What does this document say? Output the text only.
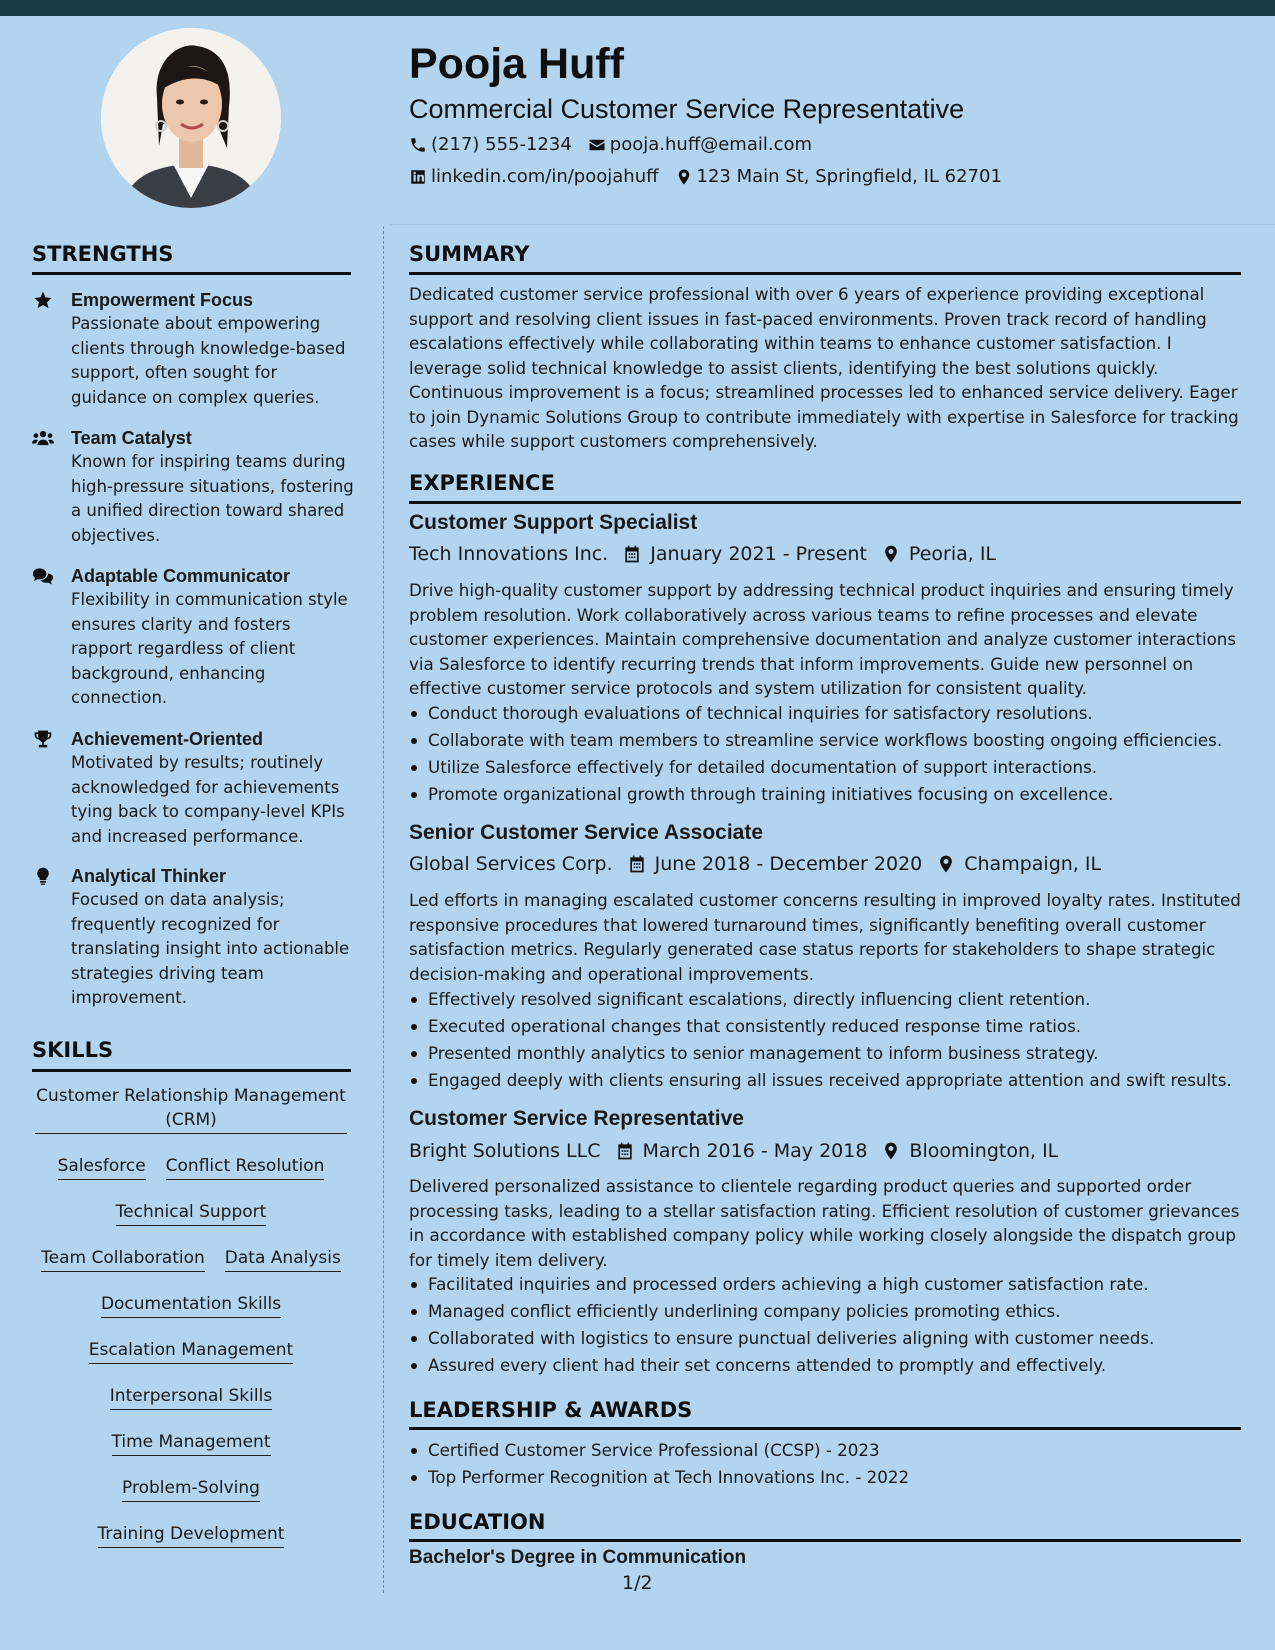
Pooja Huff
Commercial Customer Service Representative
(217) 555-1234 pooja.huff@email.com
linkedin.com/in/poojahuff 123 Main St, Springfield, IL 62701
STRENGTHS
Empowerment Focus
Passionate about empowering clients through knowledge-based support, often sought for guidance on complex queries.
Team Catalyst
Known for inspiring teams during high-pressure situations, fostering a unified direction toward shared objectives.
Adaptable Communicator
Flexibility in communication style ensures clarity and fosters rapport regardless of client background, enhancing connection.
Achievement-Oriented
Motivated by results; routinely acknowledged for achievements tying back to company-level KPIs and increased performance.
Analytical Thinker
Focused on data analysis; frequently recognized for translating insight into actionable strategies driving team improvement.
SKILLS
Customer Relationship Management (CRM)
Salesforce Conflict Resolution
Technical Support
Team Collaboration Data Analysis
Documentation Skills
Escalation Management
Interpersonal Skills
Time Management
Problem-Solving
Training Development
SUMMARY
Dedicated customer service professional with over 6 years of experience providing exceptional support and resolving client issues in fast-paced environments. Proven track record of handling escalations effectively while collaborating within teams to enhance customer satisfaction. I leverage solid technical knowledge to assist clients, identifying the best solutions quickly. Continuous improvement is a focus; streamlined processes led to enhanced service delivery. Eager to join Dynamic Solutions Group to contribute immediately with expertise in Salesforce for tracking cases while support customers comprehensively.
EXPERIENCE
Customer Support Specialist
Tech Innovations Inc. January 2021 - Present Peoria, IL
Drive high-quality customer support by addressing technical product inquiries and ensuring timely problem resolution. Work collaboratively across various teams to refine processes and elevate customer experiences. Maintain comprehensive documentation and analyze customer interactions via Salesforce to identify recurring trends that inform improvements. Guide new personnel on effective customer service protocols and system utilization for consistent quality.
Conduct thorough evaluations of technical inquiries for satisfactory resolutions.
Collaborate with team members to streamline service workflows boosting ongoing efficiencies.
Utilize Salesforce effectively for detailed documentation of support interactions.
Promote organizational growth through training initiatives focusing on excellence.
Senior Customer Service Associate
Global Services Corp. June 2018 - December 2020 Champaign, IL
Led efforts in managing escalated customer concerns resulting in improved loyalty rates. Instituted responsive procedures that lowered turnaround times, significantly benefiting overall customer satisfaction metrics. Regularly generated case status reports for stakeholders to shape strategic decision-making and operational improvements.
Effectively resolved significant escalations, directly influencing client retention.
Executed operational changes that consistently reduced response time ratios.
Presented monthly analytics to senior management to inform business strategy.
Engaged deeply with clients ensuring all issues received appropriate attention and swift results.
Customer Service Representative
Bright Solutions LLC March 2016 - May 2018 Bloomington, IL
Delivered personalized assistance to clientele regarding product queries and supported order processing tasks, leading to a stellar satisfaction rating. Efficient resolution of customer grievances in accordance with established company policy while working closely alongside the dispatch group for timely item delivery.
Facilitated inquiries and processed orders achieving a high customer satisfaction rate.
Managed conflict efficiently underlining company policies promoting ethics.
Collaborated with logistics to ensure punctual deliveries aligning with customer needs.
Assured every client had their set concerns attended to promptly and effectively.
LEADERSHIP & AWARDS
Certified Customer Service Professional (CCSP) - 2023
Top Performer Recognition at Tech Innovations Inc. - 2022
EDUCATION
Bachelor's Degree in Communication
1/2
